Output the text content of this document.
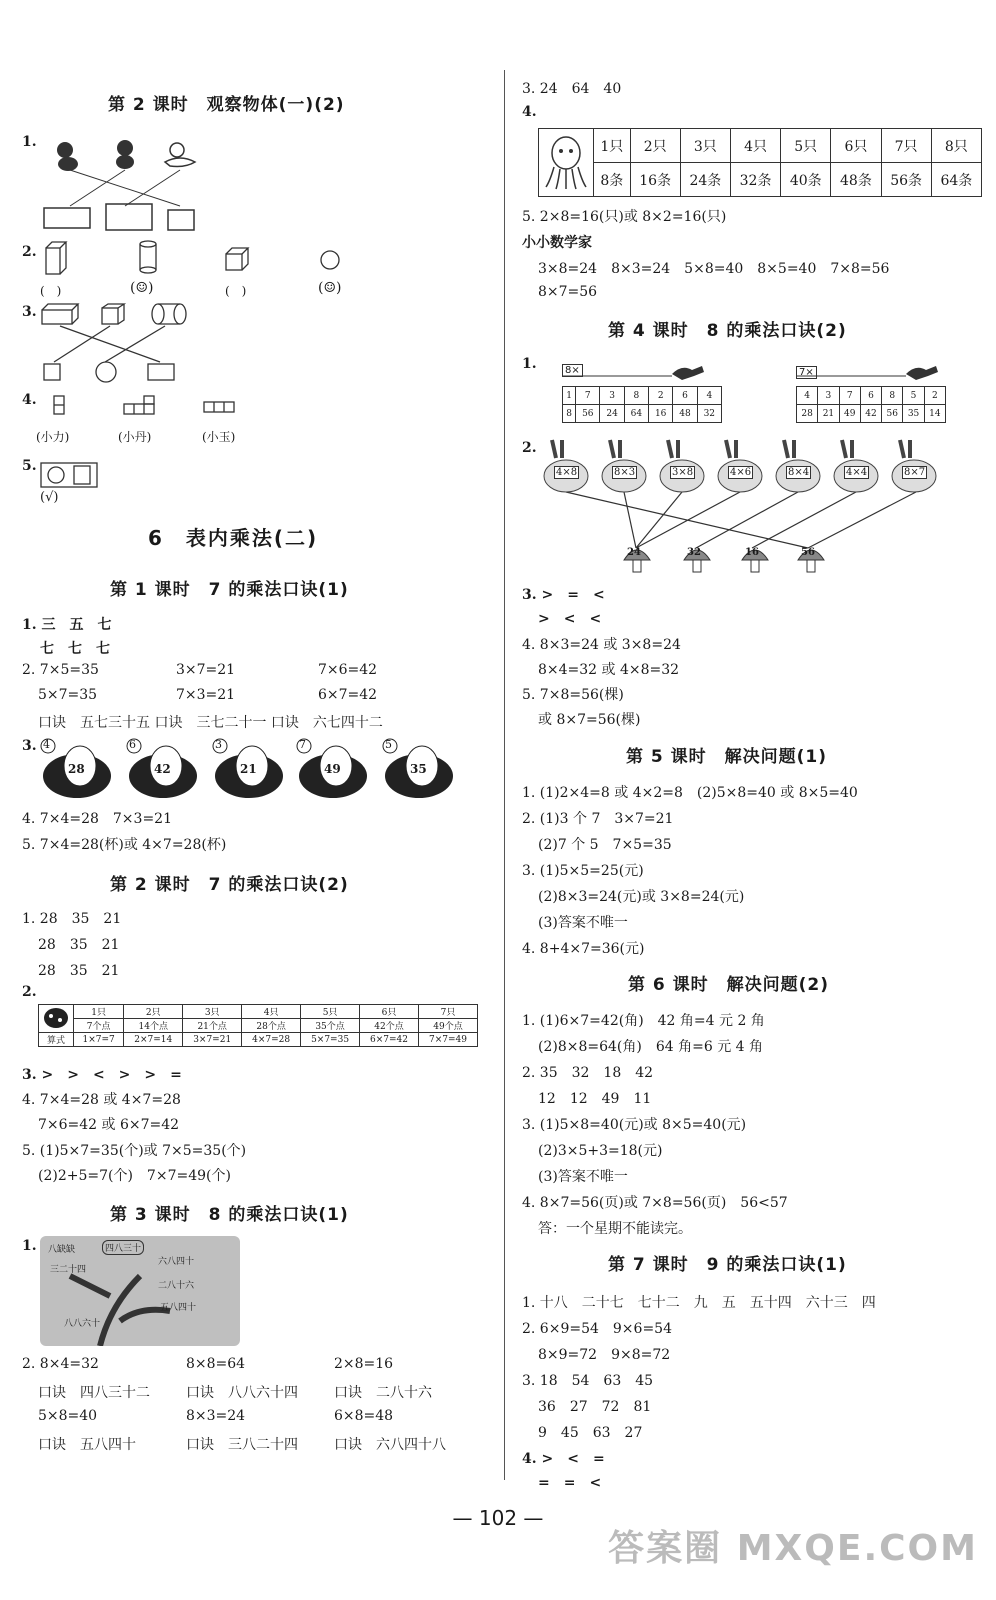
第 2 课时　观察物体(一)(2)
1.
2.
(　)	(☺)	(　)	(☺)
3.
4.
(小力)	(小丹)	(小玉)
5.
(√)
6　表内乘法(二)
第 1 课时　7 的乘法口诀(1)
1. 三　五　七
七　七　七
2. 7×5=35	3×7=21	7×6=42
5×7=35	7×3=21	6×7=42
口诀　五七三十五 口诀　三七二十一 口诀　六七四十二
3. 4
28
6
42
3
21
7
49
5
35
4. 7×4=28　7×3=21
5. 7×4=28(杯)或 4×7=28(杯)
第 2 课时　7 的乘法口诀(2)
1. 28　35　21
28　35　21
28　35　21
2.
	1只	2只	3只	4只	5只	6只	7只
	7个点	14个点	21个点	28个点	35个点	42个点	49个点
算式	1×7=7	2×7=14	3×7=21	4×7=28	5×7=35	6×7=42	7×7=49
3. >　>　<　>　>　=
4. 7×4=28 或 4×7=28
7×6=42 或 6×7=42
5. (1)5×7=35(个)或 7×5=35(个)
(2)2+5=7(个)　7×7=49(个)
第 3 课时　8 的乘法口诀(1)
1. 八缺缺	四八三十
三二十四
六八四十
二八十六
五八四十
八八六十
2. 8×4=32	8×8=64	2×8=16
口诀　四八三十二	口诀　八八六十四	口诀　二八十六
5×8=40	8×3=24	6×8=48
口诀　五八四十	口诀　三八二十四	口诀　六八四十八
3. 24　64　40
4.
	1只	2只	3只	4只	5只	6只	7只	8只
	8条	16条	24条	32条	40条	48条	56条	64条
5. 2×8=16(只)或 8×2=16(只)
小小数学家
3×8=24　8×3=24　5×8=40　8×5=40　7×8=56
8×7=56
第 4 课时　8 的乘法口诀(2)
1.	8×
1	7	3	8	2	6	4
8	56	24	64	16	48	32
7×
4	3	7	6	8	5	2
28	21	49	42	56	35	14
2.
4×8	8×3	3×8	4×6	8×4	4×4	8×7
24	32	16	56
3. >　=　<
>　<　<
4. 8×3=24 或 3×8=24
8×4=32 或 4×8=32
5. 7×8=56(棵)
或 8×7=56(棵)
第 5 课时　解决问题(1)
1. (1)2×4=8 或 4×2=8　(2)5×8=40 或 8×5=40
2. (1)3 个 7　3×7=21
(2)7 个 5　7×5=35
3. (1)5×5=25(元)
(2)8×3=24(元)或 3×8=24(元)
(3)答案不唯一
4. 8+4×7=36(元)
第 6 课时　解决问题(2)
1. (1)6×7=42(角)　42 角=4 元 2 角
(2)8×8=64(角)　64 角=6 元 4 角
2. 35　32　18　42
12　12　49　11
3. (1)5×8=40(元)或 8×5=40(元)
(2)3×5+3=18(元)
(3)答案不唯一
4. 8×7=56(页)或 7×8=56(页)　56<57
答：一个星期不能读完。
第 7 课时　9 的乘法口诀(1)
1. 十八　二十七　七十二　九　五　五十四　六十三　四
2. 6×9=54　9×6=54
8×9=72　9×8=72
3. 18　54　63　45
36　27　72　81
9　45　63　27
4. >　<　=
=　=　<
— 102 —
答案圈 MXQE.COM
